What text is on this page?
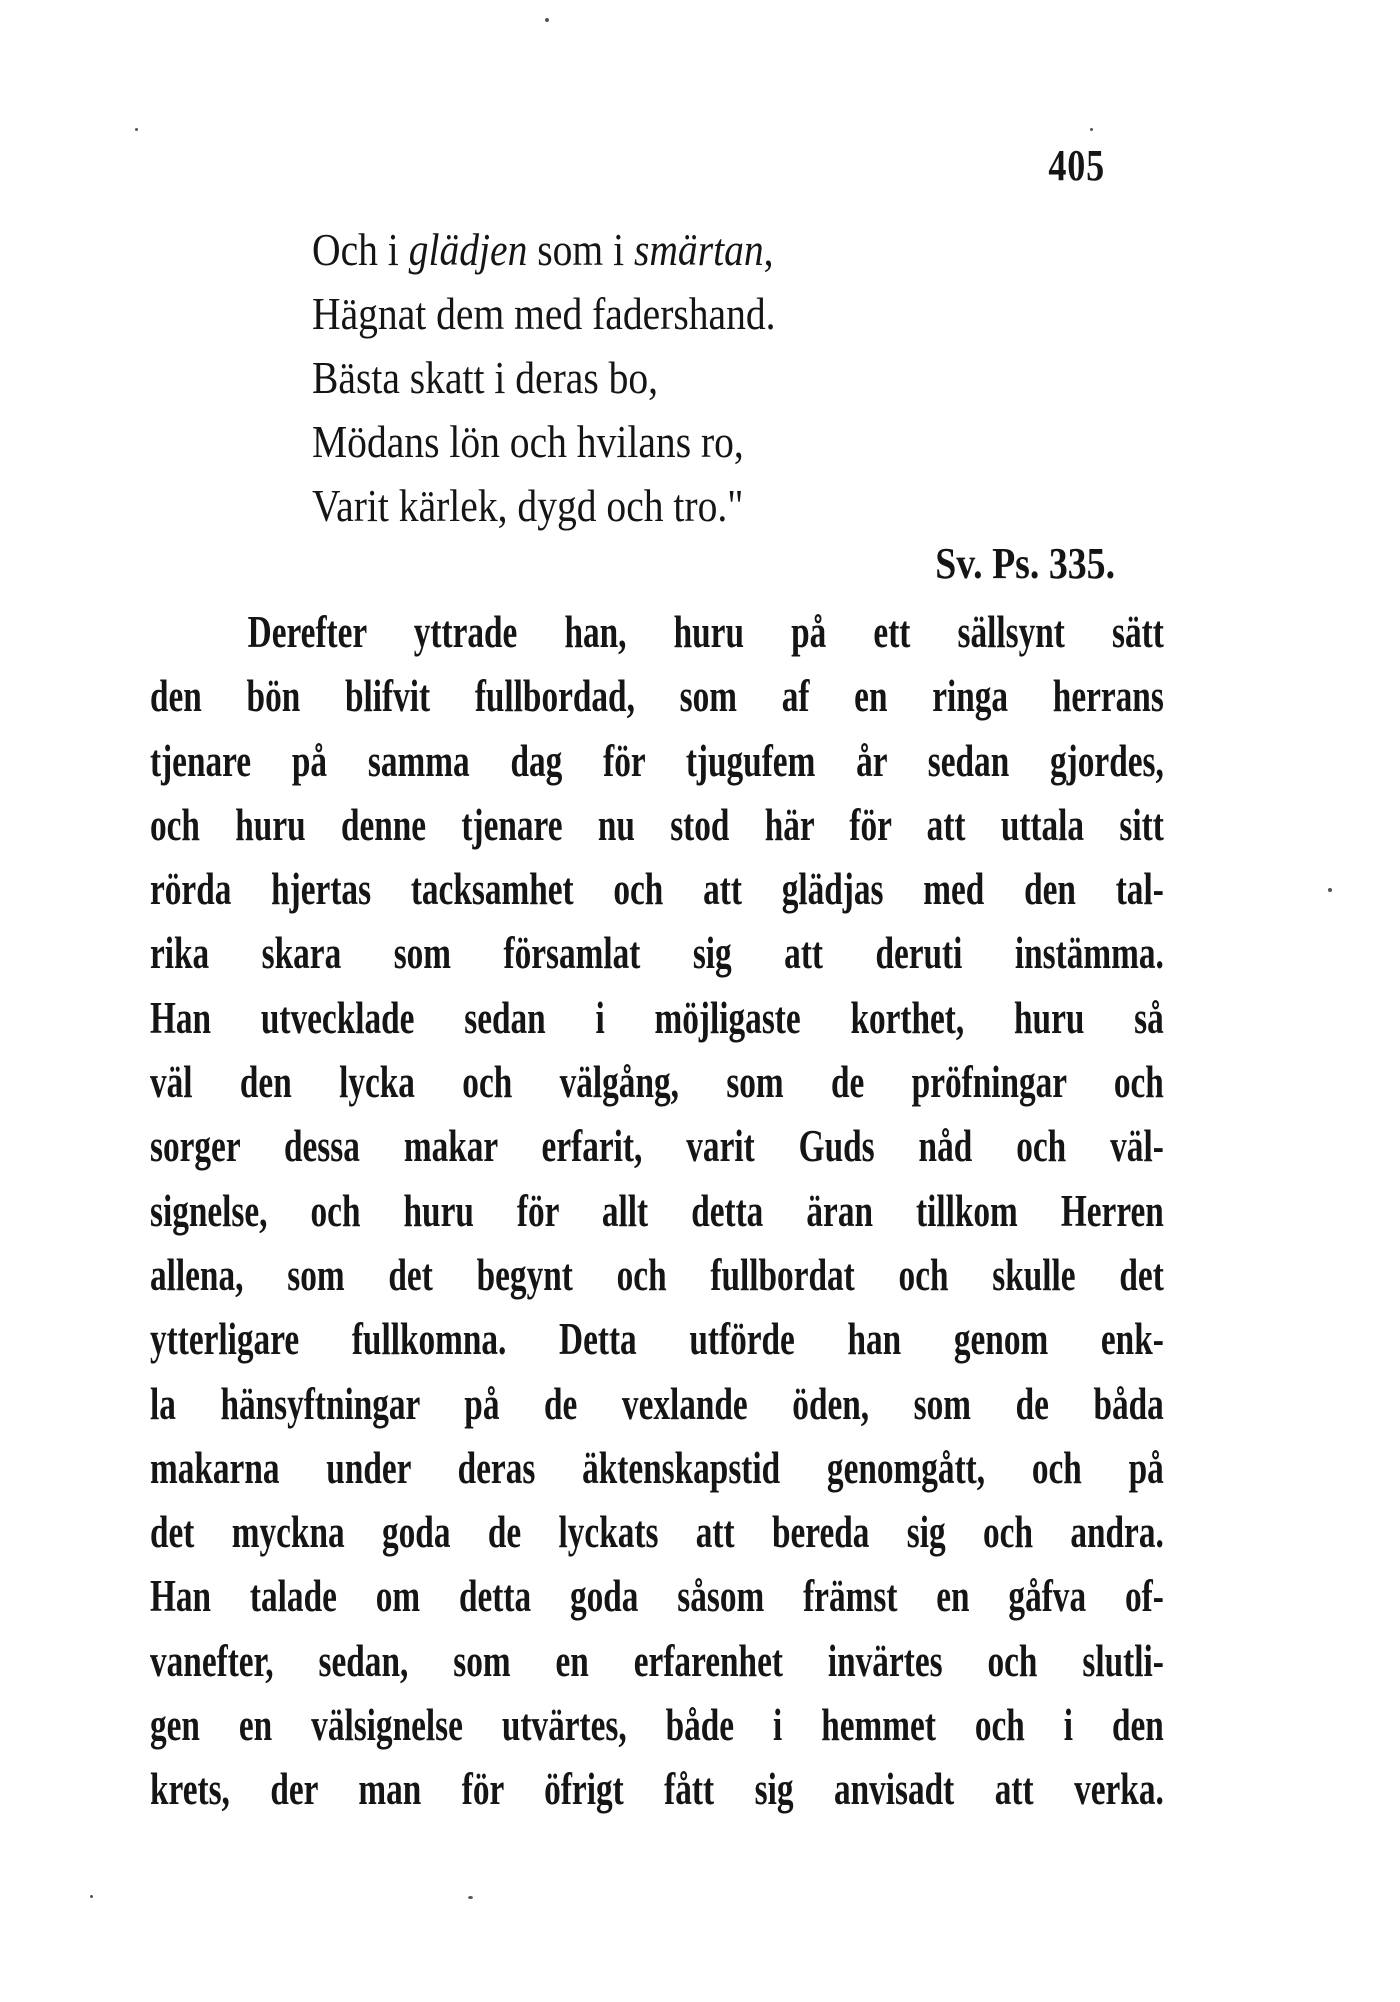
405
Och i glädjen som i smärtan,
Hägnat dem med fadershand.
Bästa skatt i deras bo,
Mödans lön och hvilans ro,
Varit kärlek, dygd och tro."
Sv. Ps. 335.
Derefter yttrade han, huru på ett sällsynt sätt
den bön blifvit fullbordad, som af en ringa herrans
tjenare på samma dag för tjugufem år sedan gjordes,
och huru denne tjenare nu stod här för att uttala sitt
rörda hjertas tacksamhet och att glädjas med den tal-
rika skara som församlat sig att deruti instämma.
Han utvecklade sedan i möjligaste korthet, huru så
väl den lycka och välgång, som de pröfningar och
sorger dessa makar erfarit, varit Guds nåd och väl-
signelse, och huru för allt detta äran tillkom Herren
allena, som det begynt och fullbordat och skulle det
ytterligare fullkomna. Detta utförde han genom enk-
la hänsyftningar på de vexlande öden, som de båda
makarna under deras äktenskapstid genomgått, och på
det myckna goda de lyckats att bereda sig och andra.
Han talade om detta goda såsom främst en gåfva of-
vanefter, sedan, som en erfarenhet invärtes och slutli-
gen en välsignelse utvärtes, både i hemmet och i den
krets, der man för öfrigt fått sig anvisadt att verka.
